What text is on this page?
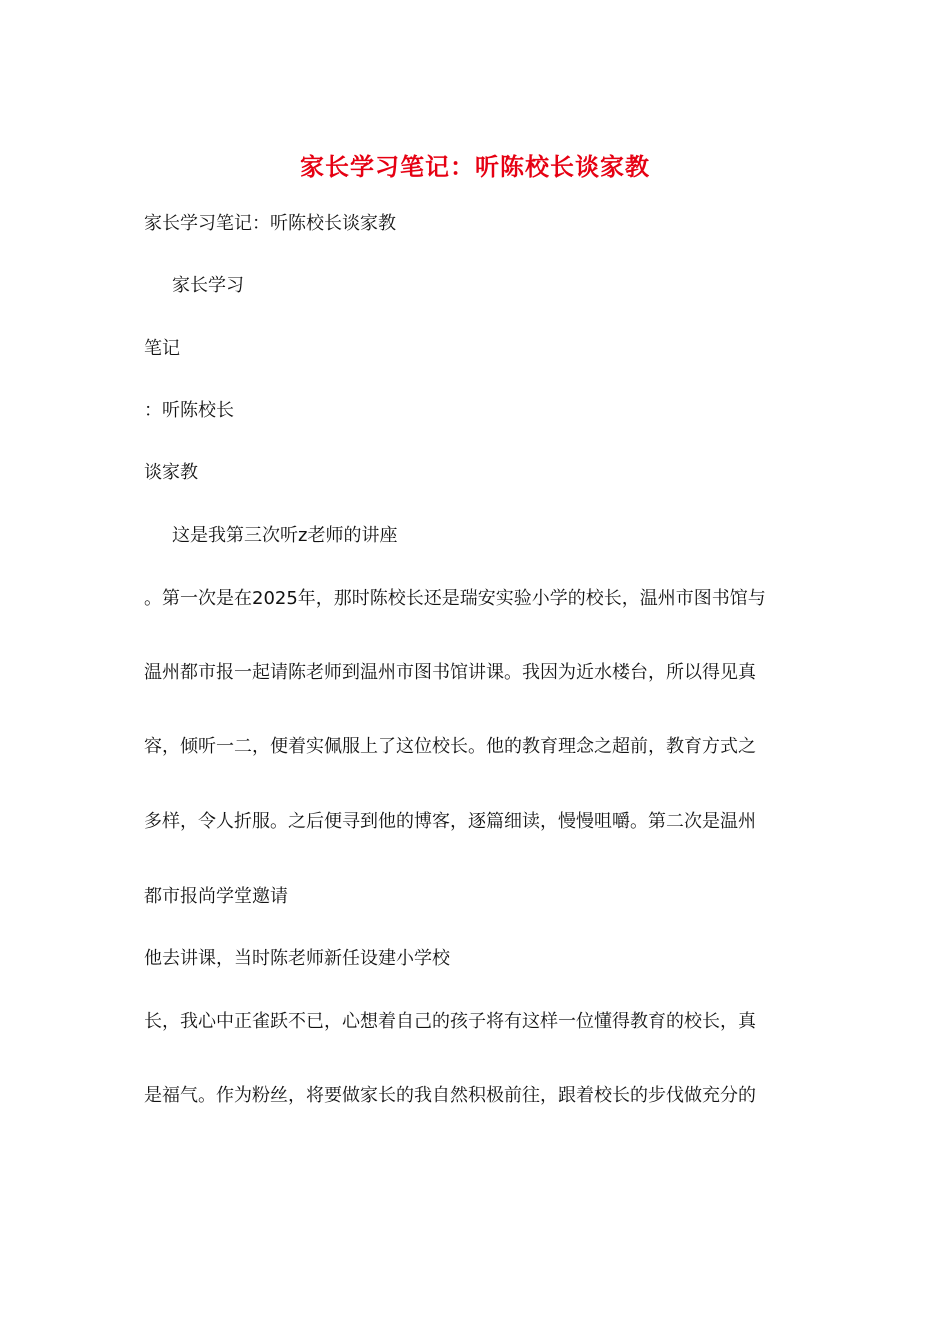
家长学习笔记：听陈校长谈家教
家长学习笔记：听陈校长谈家教
家长学习
笔记
：听陈校长
谈家教
这是我第三次听z老师的讲座
。第一次是在2025年，那时陈校长还是瑞安实验小学的校长，温州市图书馆与
温州都市报一起请陈老师到温州市图书馆讲课。我因为近水楼台，所以得见真
容，倾听一二，便着实佩服上了这位校长。他的教育理念之超前，教育方式之
多样，令人折服。之后便寻到他的博客，逐篇细读，慢慢咀嚼。第二次是温州
都市报尚学堂邀请
他去讲课，当时陈老师新任设建小学校
长，我心中正雀跃不已，心想着自己的孩子将有这样一位懂得教育的校长，真
是福气。作为粉丝，将要做家长的我自然积极前往，跟着校长的步伐做充分的
